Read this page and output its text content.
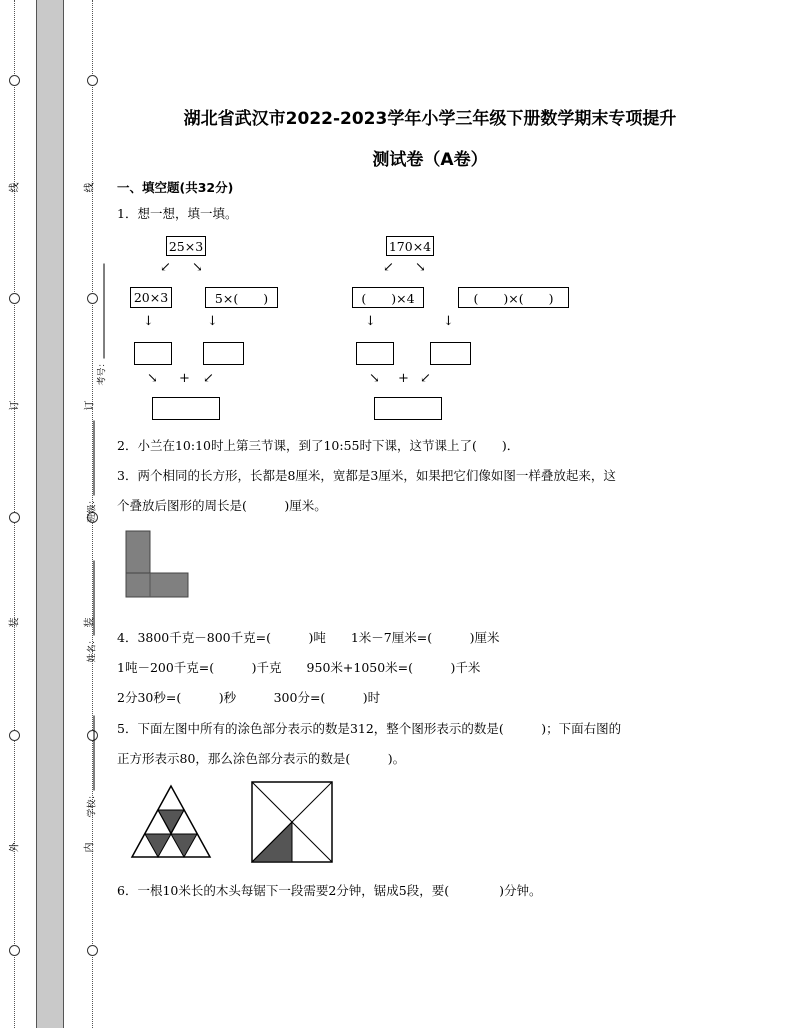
线
订
装
外
线
订
装
内
考号：
班级：
姓名：
学校：
湖北省武汉市2022-2023学年小学三年级下册数学期末专项提升
测试卷（A卷）
一、填空题(共32分)
1．想一想，填一填。
25×3
↙ ↘
20×3	5×(　　)
↓	↓
↘ + ↙
170×4
↙ ↘
(　　)×4	(　　)×(　　)
↓	↓
↘ + ↙
2．小兰在10:10时上第三节课，到了10:55时下课，这节课上了(　　)．
3．两个相同的长方形，长都是8厘米，宽都是3厘米，如果把它们像如图一样叠放起来，这
个叠放后图形的周长是(　　　)厘米。
4．3800千克－800千克=(　　　)吨　　1米－7厘米=(　　　)厘米
1吨－200千克=(　　　)千克　　950米+1050米=(　　　)千米
2分30秒=(　　　)秒　　　300分=(　　　)时
5．下面左图中所有的涂色部分表示的数是312，整个图形表示的数是(　　　)；下面右图的
正方形表示80，那么涂色部分表示的数是(　　　)。
6．一根10米长的木头每锯下一段需要2分钟，锯成5段，要(　　　　)分钟。
